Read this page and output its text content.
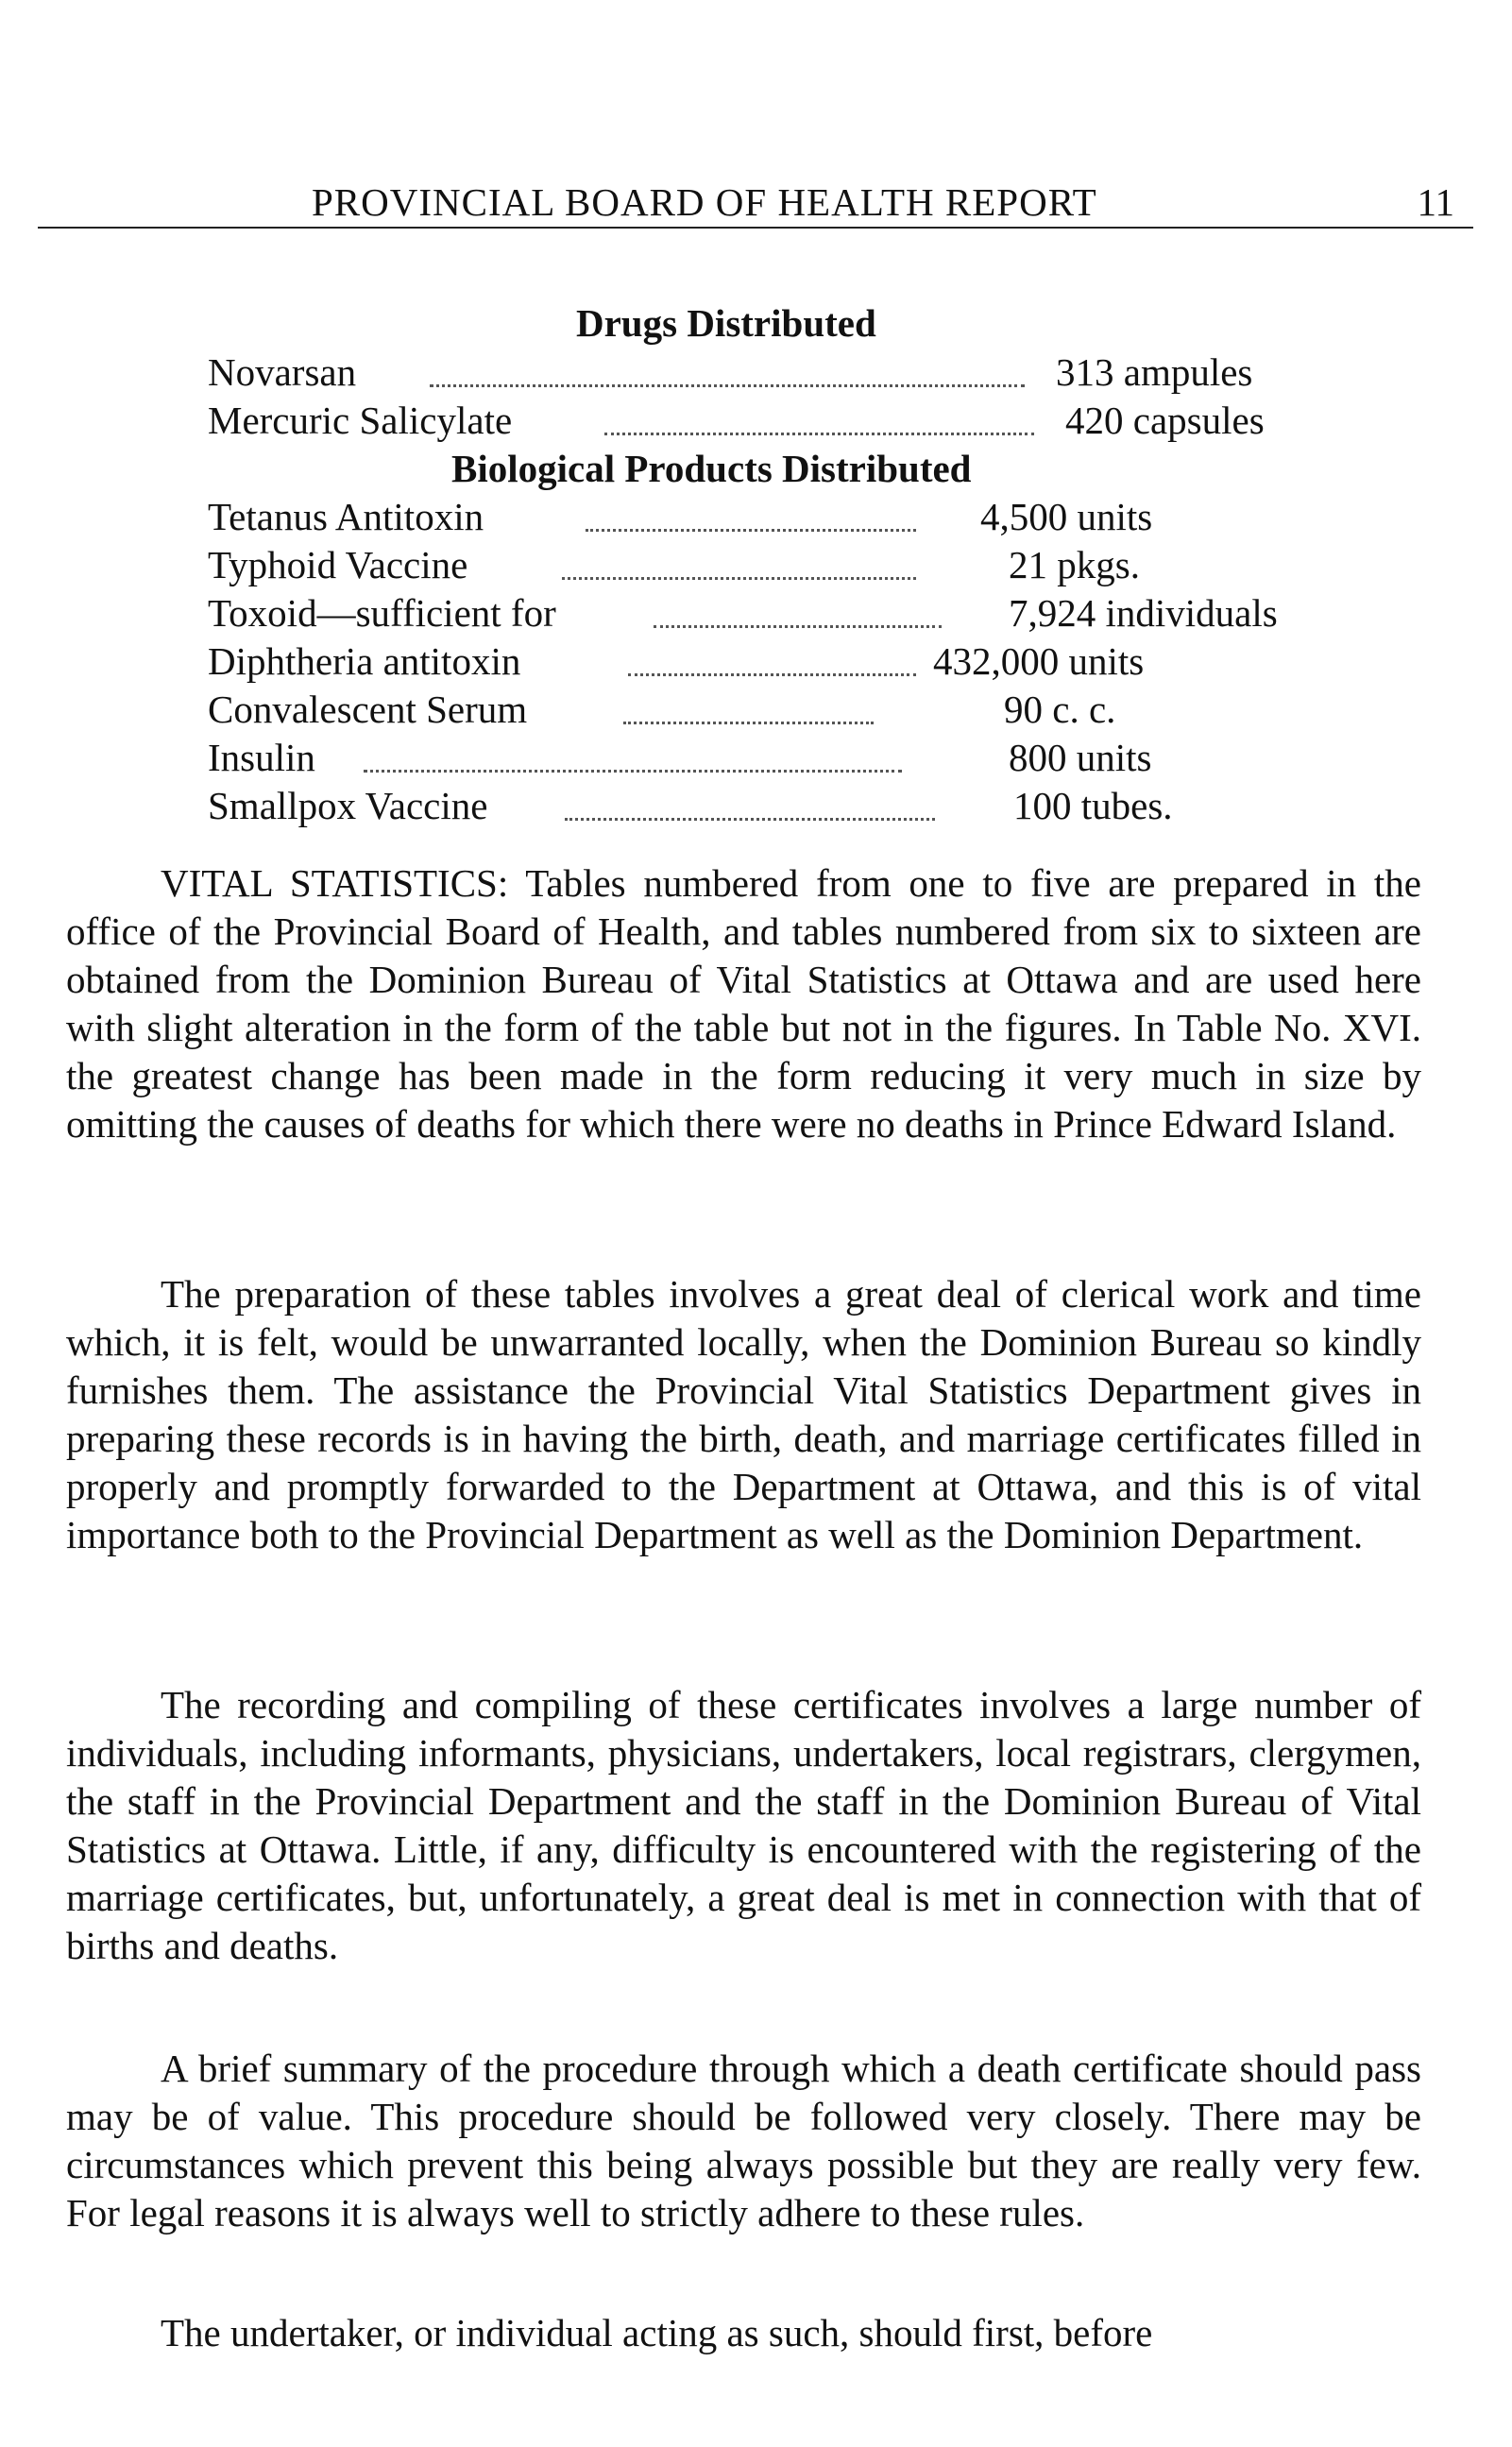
PROVINCIAL BOARD OF HEALTH REPORT	11
Drugs Distributed
Novarsan	313 ampules
Mercuric Salicylate	420 capsules
Biological Products Distributed
Tetanus Antitoxin	4,500 units
Typhoid Vaccine	21 pkgs.
Toxoid—sufficient for	7,924 individuals
Diphtheria antitoxin	432,000 units
Convalescent Serum	90 c. c.
Insulin	800 units
Smallpox Vaccine	100 tubes.

VITAL STATISTICS: Tables numbered from one to five are prepared in the office of the Provincial Board of Health, and tables numbered from six to sixteen are obtained from the Dominion Bureau of Vital Statistics at Ottawa and are used here with slight alteration in the form of the table but not in the figures. In Table No. XVI. the greatest change has been made in the form reducing it very much in size by omitting the causes of deaths for which there were no deaths in Prince Edward Island.

The preparation of these tables involves a great deal of clerical work and time which, it is felt, would be unwarranted locally, when the Dominion Bureau so kindly furnishes them. The assistance the Provincial Vital Statistics Department gives in preparing these records is in having the birth, death, and marriage certificates filled in properly and promptly forwarded to the Department at Ottawa, and this is of vital importance both to the Provincial Department as well as the Dominion Department.

The recording and compiling of these certificates involves a large number of individuals, including informants, physicians, undertakers, local registrars, clergymen, the staff in the Provincial Department and the staff in the Dominion Bureau of Vital Statistics at Ottawa. Little, if any, difficulty is encountered with the registering of the marriage certificates, but, unfortunately, a great deal is met in connection with that of births and deaths.

A brief summary of the procedure through which a death certificate should pass may be of value. This procedure should be followed very closely. There may be circumstances which prevent this being always possible but they are really very few. For legal reasons it is always well to strictly adhere to these rules.

The undertaker, or individual acting as such, should first, before
